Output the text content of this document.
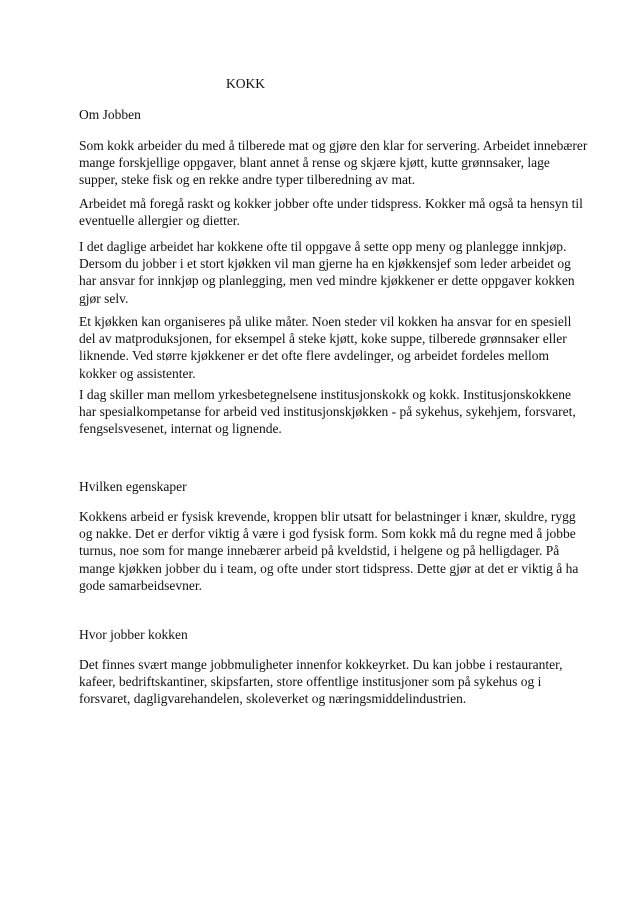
KOKK
Om Jobben

Som kokk arbeider du med å tilberede mat og gjøre den klar for servering. Arbeidet innebærer
mange forskjellige oppgaver, blant annet å rense og skjære kjøtt, kutte grønnsaker, lage
supper, steke fisk og en rekke andre typer tilberedning av mat.

Arbeidet må foregå raskt og kokker jobber ofte under tidspress. Kokker må også ta hensyn til
eventuelle allergier og dietter.

I det daglige arbeidet har kokkene ofte til oppgave å sette opp meny og planlegge innkjøp.
Dersom du jobber i et stort kjøkken vil man gjerne ha en kjøkkensjef som leder arbeidet og
har ansvar for innkjøp og planlegging, men ved mindre kjøkkener er dette oppgaver kokken
gjør selv.

Et kjøkken kan organiseres på ulike måter. Noen steder vil kokken ha ansvar for en spesiell
del av matproduksjonen, for eksempel å steke kjøtt, koke suppe, tilberede grønnsaker eller
liknende. Ved større kjøkkener er det ofte flere avdelinger, og arbeidet fordeles mellom
kokker og assistenter.

I dag skiller man mellom yrkesbetegnelsene institusjonskokk og kokk. Institusjonskokkene
har spesialkompetanse for arbeid ved institusjonskjøkken - på sykehus, sykehjem, forsvaret,
fengselsvesenet, internat og lignende.

Hvilken egenskaper

Kokkens arbeid er fysisk krevende, kroppen blir utsatt for belastninger i knær, skuldre, rygg
og nakke. Det er derfor viktig å være i god fysisk form. Som kokk må du regne med å jobbe
turnus, noe som for mange innebærer arbeid på kveldstid, i helgene og på helligdager. På
mange kjøkken jobber du i team, og ofte under stort tidspress. Dette gjør at det er viktig å ha
gode samarbeidsevner.

Hvor jobber kokken

Det finnes svært mange jobbmuligheter innenfor kokkeyrket. Du kan jobbe i restauranter,
kafeer, bedriftskantiner, skipsfarten, store offentlige institusjoner som på sykehus og i
forsvaret, dagligvarehandelen, skoleverket og næringsmiddelindustrien.
